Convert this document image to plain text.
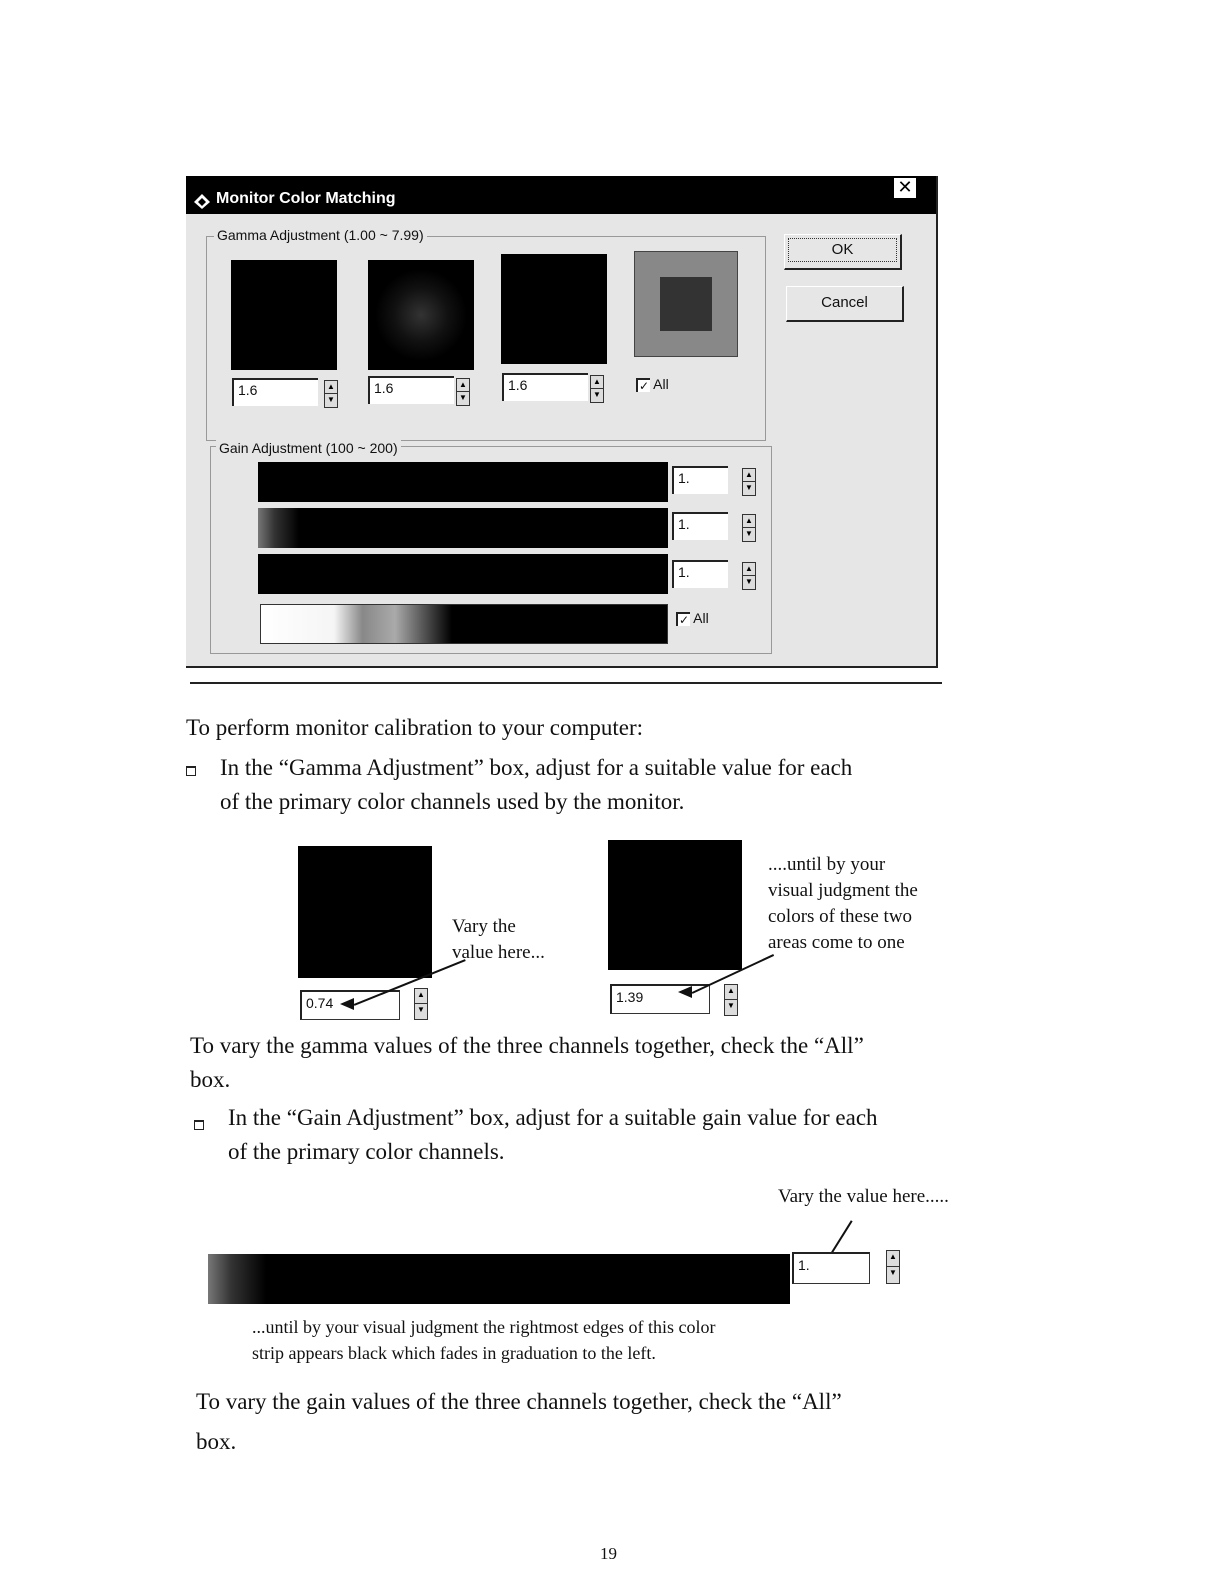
Monitor Color Matching
✕
Gamma Adjustment (1.00 ~ 7.99)
1.6	▲
▼
1.6	▲
▼
1.6	▲
▼
✓ All
Gain Adjustment (100 ~ 200)
1.	▲
▼
1.	▲
▼
1.	▲
▼
✓ All
OK
Cancel
To perform monitor calibration to your computer:
In the “Gamma Adjustment” box, adjust for a suitable value for each
of the primary color channels used by the monitor.
0.74
▲
▼
Vary the
value here...
1.39	▲
▼
....until by your
visual judgment the
colors of these two
areas come to one
To vary the gamma values of the three channels together, check the “All”
box.
In the “Gain Adjustment” box, adjust for a suitable gain value for each
of the primary color channels.
Vary the value here.....
1.
▲
▼
...until by your visual judgment the rightmost edges of this color
strip appears black which fades in graduation to the left.
To vary the gain values of the three channels together, check the “All”
box.
19
